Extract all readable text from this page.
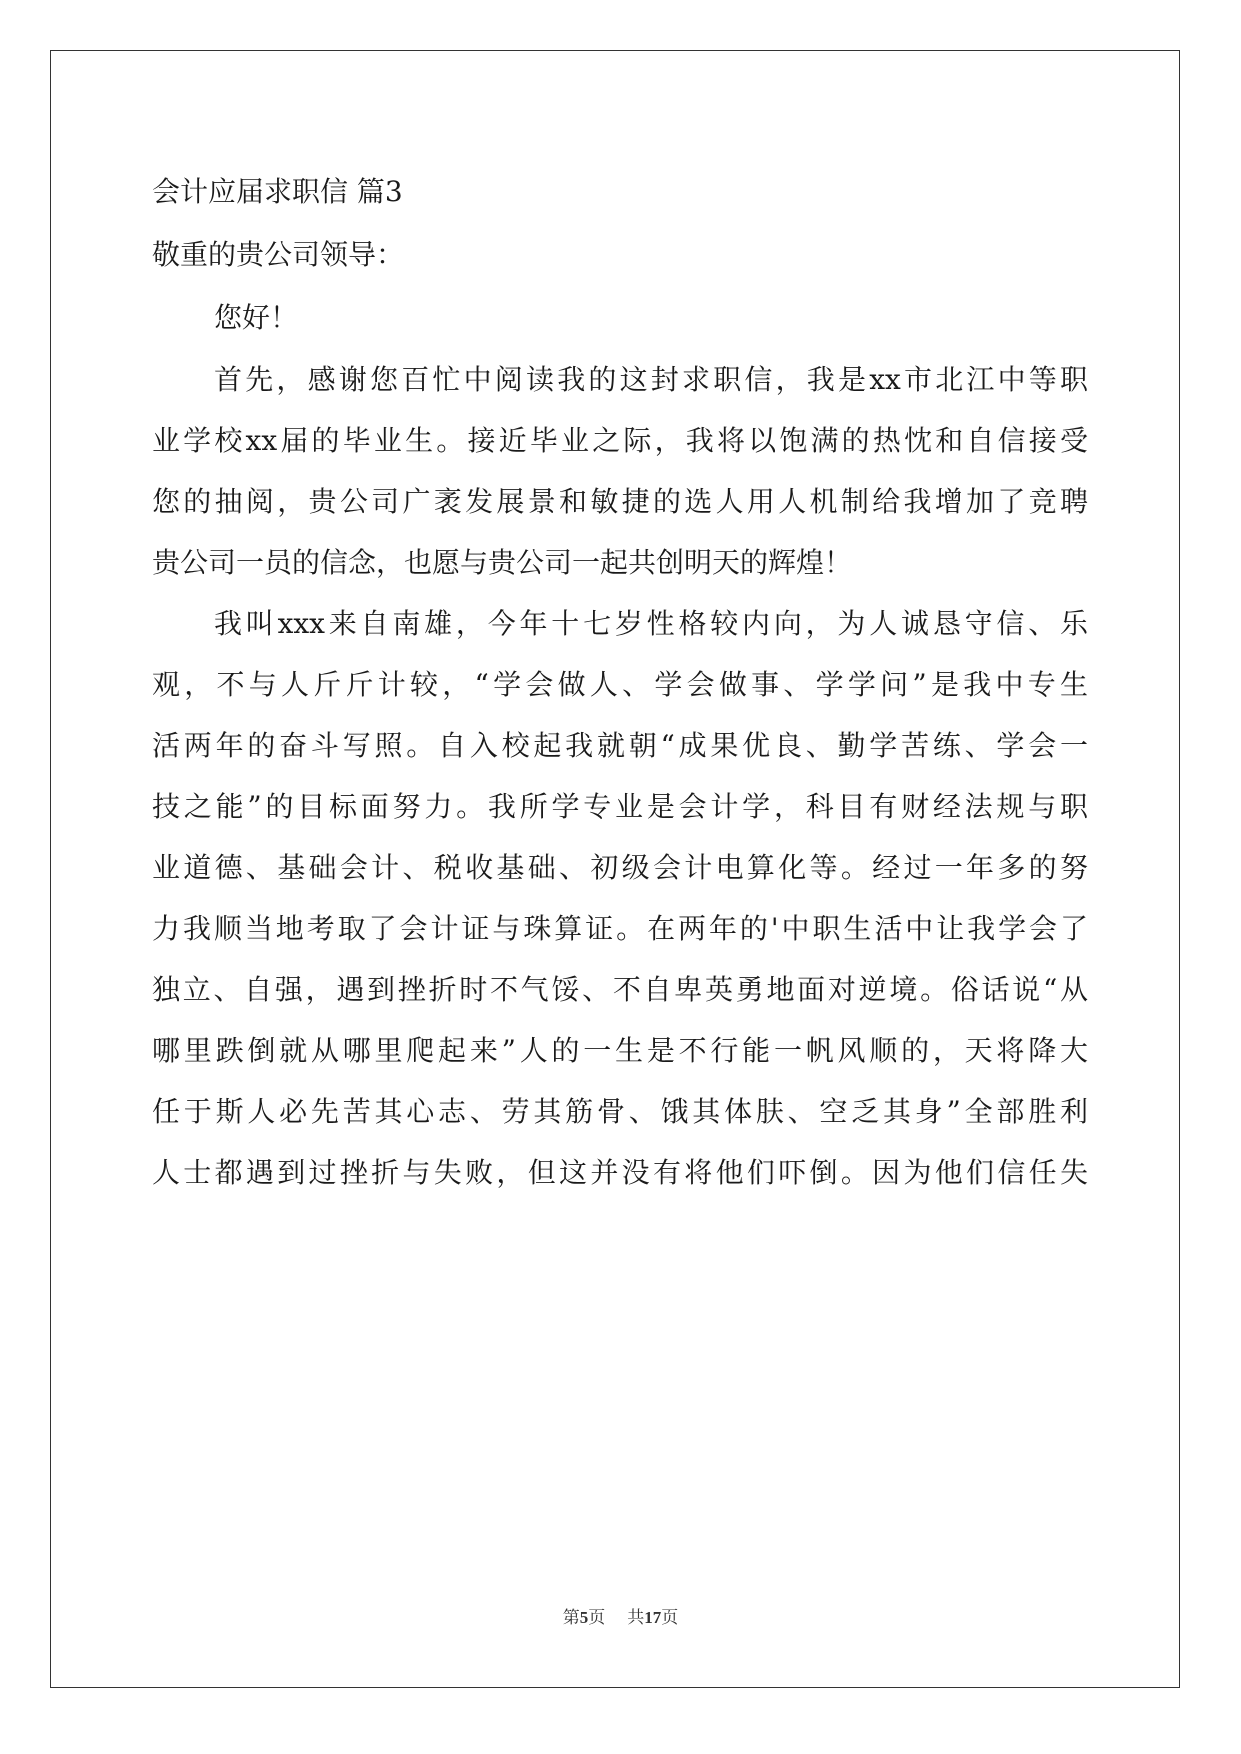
会计应届求职信 篇3
敬重的贵公司领导：
您好！
首先，感谢您百忙中阅读我的这封求职信，我是xx市北江中等职
业学校xx届的毕业生。接近毕业之际，我将以饱满的热忱和自信接受
您的抽阅，贵公司广袤发展景和敏捷的选人用人机制给我增加了竞聘
贵公司一员的信念，也愿与贵公司一起共创明天的辉煌！
我叫xxx来自南雄，今年十七岁性格较内向，为人诚恳守信、乐
观，不与人斤斤计较，“学会做人、学会做事、学学问”是我中专生
活两年的奋斗写照。自入校起我就朝“成果优良、勤学苦练、学会一
技之能”的目标面努力。我所学专业是会计学，科目有财经法规与职
业道德、基础会计、税收基础、初级会计电算化等。经过一年多的努
力我顺当地考取了会计证与珠算证。在两年的'中职生活中让我学会了
独立、自强，遇到挫折时不气馁、不自卑英勇地面对逆境。俗话说“从
哪里跌倒就从哪里爬起来”人的一生是不行能一帆风顺的，天将降大
任于斯人必先苦其心志、劳其筋骨、饿其体肤、空乏其身”全部胜利
人士都遇到过挫折与失败，但这并没有将他们吓倒。因为他们信任失
第5页 共17页
